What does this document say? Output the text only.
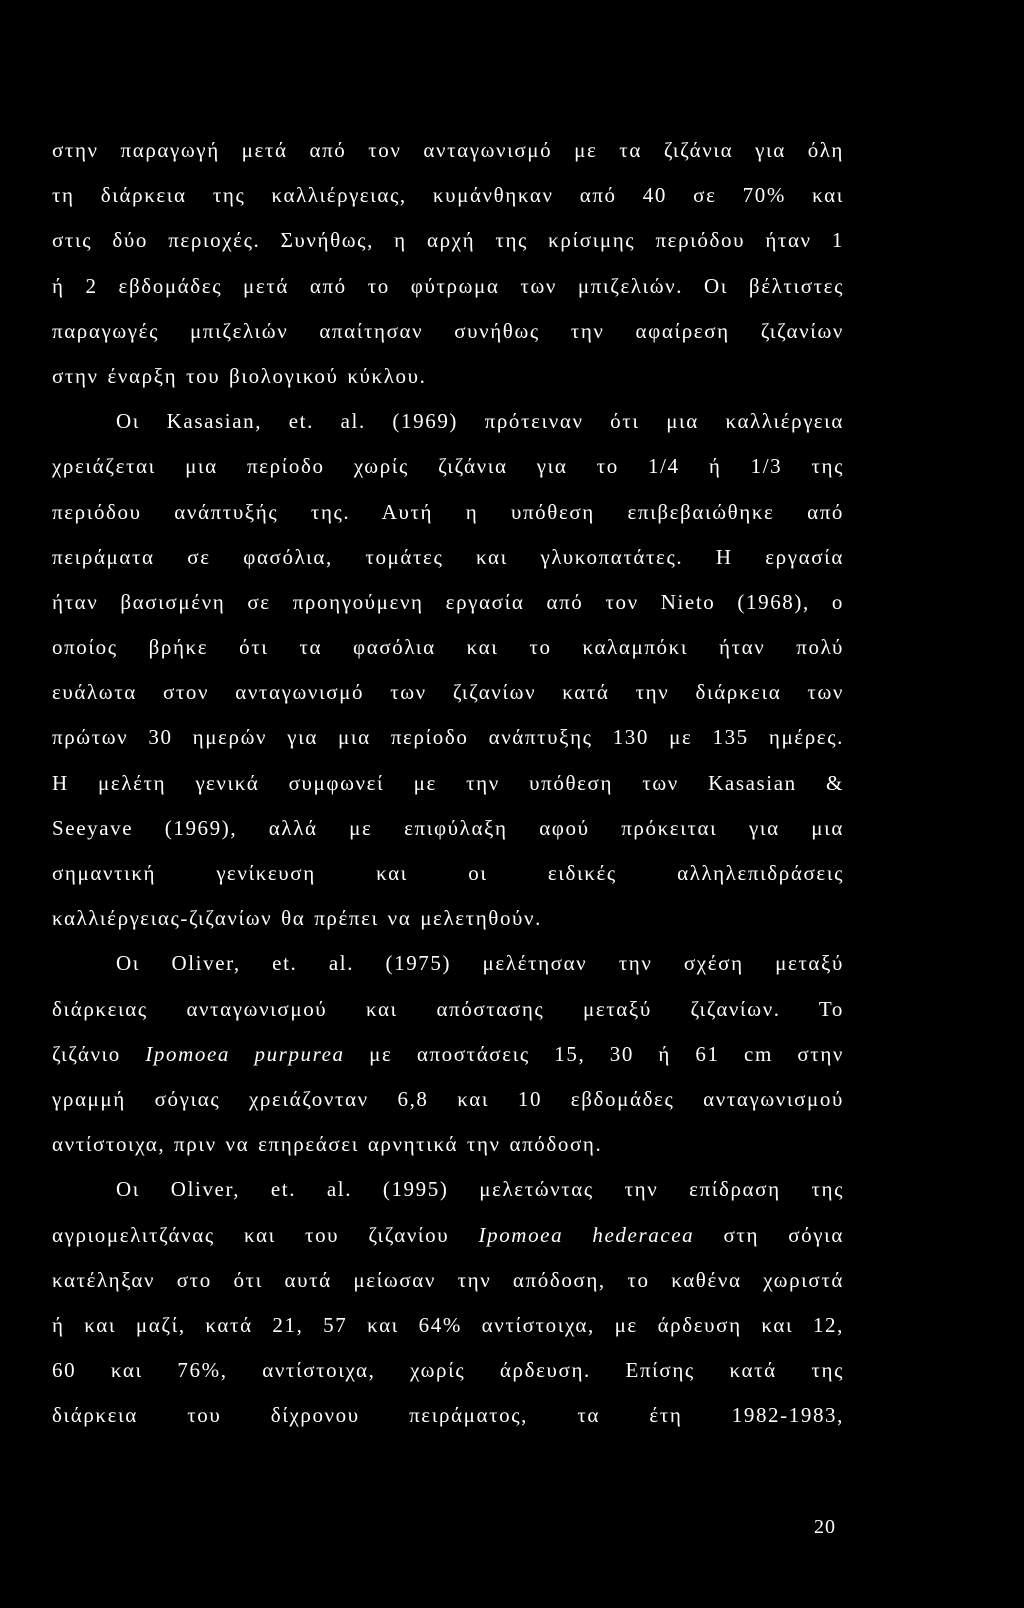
στην παραγωγή μετά από τον ανταγωνισμό με τα ζιζάνια για όλη
τη διάρκεια της καλλιέργειας, κυμάνθηκαν από 40 σε 70% και
στις δύο περιοχές. Συνήθως, η αρχή της κρίσιμης περιόδου ήταν 1
ή 2 εβδομάδες μετά από το φύτρωμα των μπιζελιών. Οι βέλτιστες
παραγωγές μπιζελιών απαίτησαν συνήθως την αφαίρεση ζιζανίων
στην έναρξη του βιολογικού κύκλου.
Οι Kasasian, et. al. (1969) πρότειναν ότι μια καλλιέργεια
χρειάζεται μια περίοδο χωρίς ζιζάνια για το 1/4 ή 1/3 της
περιόδου ανάπτυξής της. Αυτή η υπόθεση επιβεβαιώθηκε από
πειράματα σε φασόλια, τομάτες και γλυκοπατάτες. Η εργασία
ήταν βασισμένη σε προηγούμενη εργασία από τον Nieto (1968), ο
οποίος βρήκε ότι τα φασόλια και το καλαμπόκι ήταν πολύ
ευάλωτα στον ανταγωνισμό των ζιζανίων κατά την διάρκεια των
πρώτων 30 ημερών για μια περίοδο ανάπτυξης 130 με 135 ημέρες.
Η μελέτη γενικά συμφωνεί με την υπόθεση των Kasasian &
Seeyave (1969), αλλά με επιφύλαξη αφού πρόκειται για μια
σημαντική γενίκευση και οι ειδικές αλληλεπιδράσεις
καλλιέργειας-ζιζανίων θα πρέπει να μελετηθούν.
Οι Oliver, et. al. (1975) μελέτησαν την σχέση μεταξύ
διάρκειας ανταγωνισμού και απόστασης μεταξύ ζιζανίων. Το
ζιζάνιο Ipomoea purpurea με αποστάσεις 15, 30 ή 61 cm στην
γραμμή σόγιας χρειάζονταν 6,8 και 10 εβδομάδες ανταγωνισμού
αντίστοιχα, πριν να επηρεάσει αρνητικά την απόδοση.
Οι Oliver, et. al. (1995) μελετώντας την επίδραση της
αγριομελιτζάνας και του ζιζανίου Ipomoea hederacea στη σόγια
κατέληξαν στο ότι αυτά μείωσαν την απόδοση, το καθένα χωριστά
ή και μαζί, κατά 21, 57 και 64% αντίστοιχα, με άρδευση και 12,
60 και 76%, αντίστοιχα, χωρίς άρδευση. Επίσης κατά της
διάρκεια του δίχρονου πειράματος, τα έτη 1982-1983,
20
